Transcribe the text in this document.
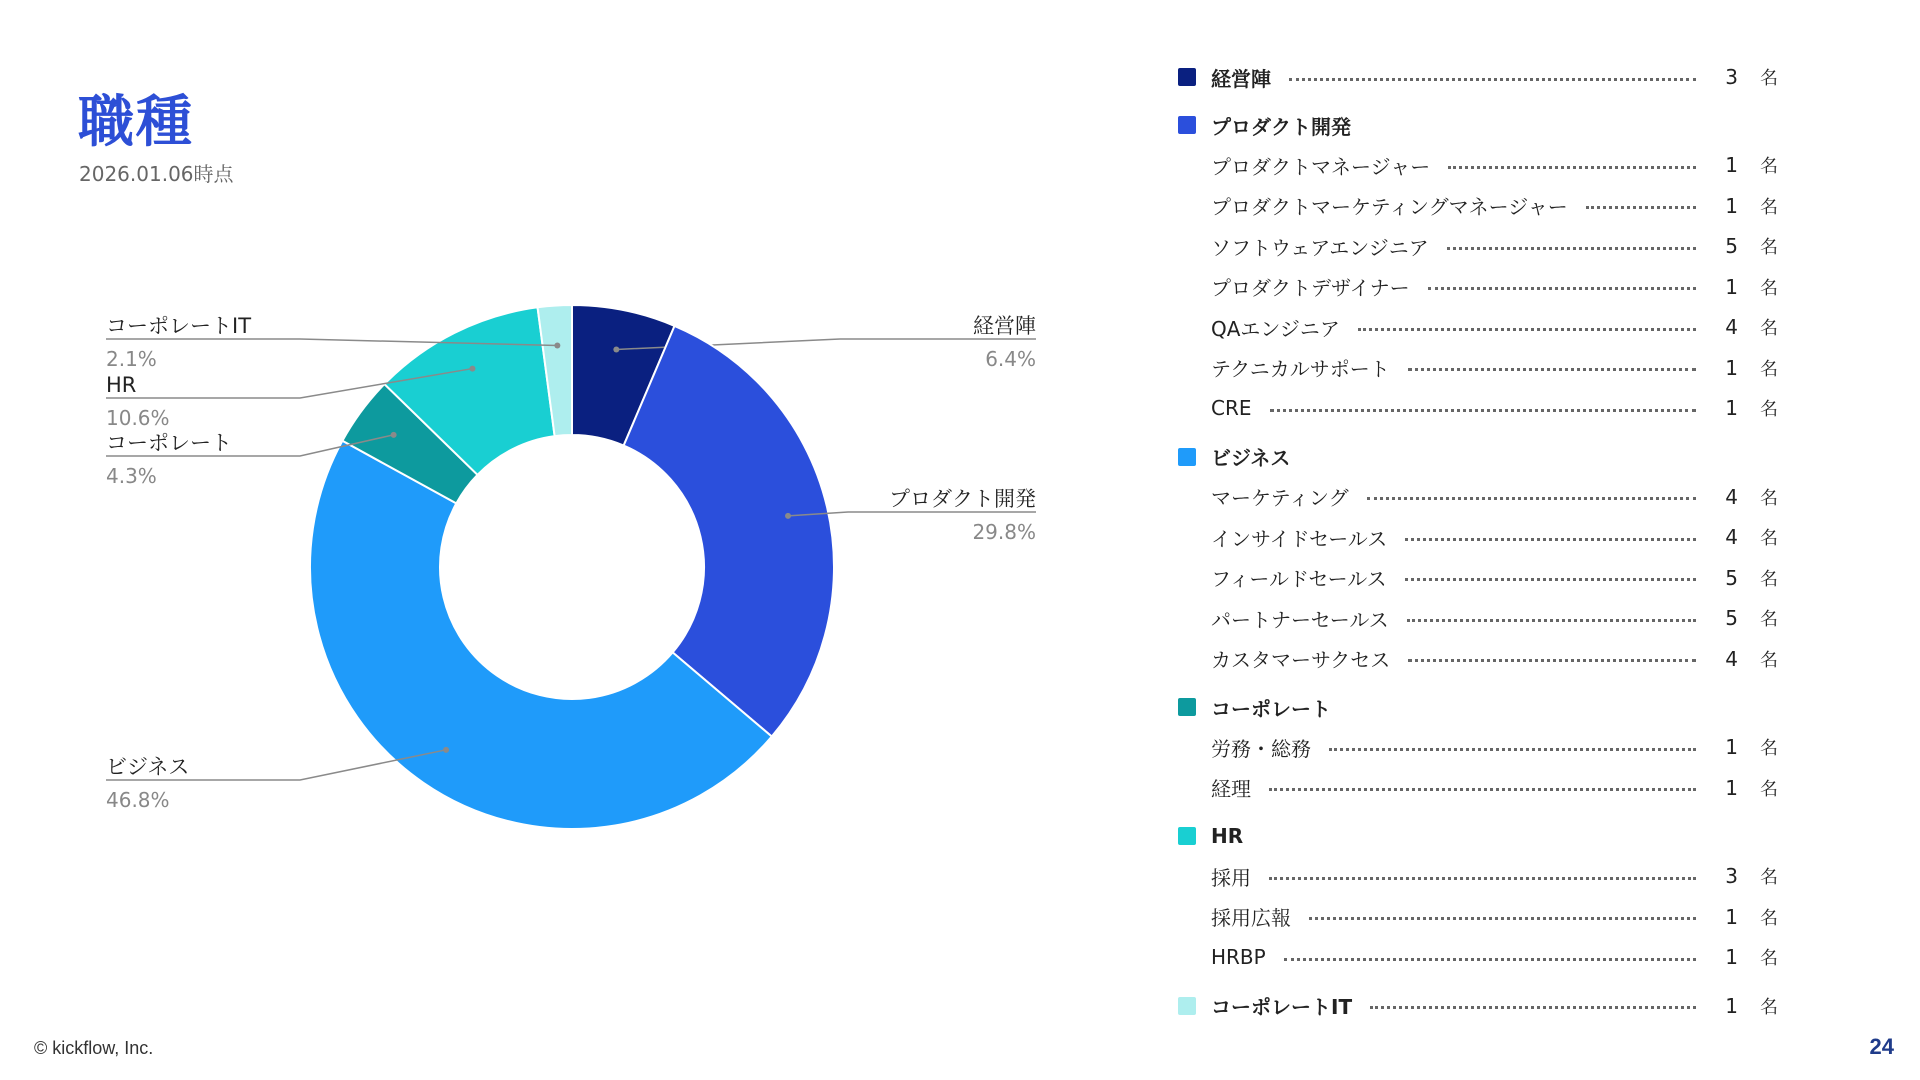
職種
2026.01.06時点
経営陣
6.4%
プロダクト開発
29.8%
ビジネス
46.8%
コーポレート
4.3%
HR
10.6%
コーポレートIT
2.1%
経営陣	3	名
プロダクト開発
プロダクトマネージャー	1	名
プロダクトマーケティングマネージャー	1	名
ソフトウェアエンジニア	5	名
プロダクトデザイナー	1	名
QAエンジニア	4	名
テクニカルサポート	1	名
CRE	1	名
ビジネス
マーケティング	4	名
インサイドセールス	4	名
フィールドセールス	5	名
パートナーセールス	5	名
カスタマーサクセス	4	名
コーポレート
労務・総務	1	名
経理	1	名
HR
採用	3	名
採用広報	1	名
HRBP	1	名
コーポレートIT	1	名
© kickflow, Inc.	24
